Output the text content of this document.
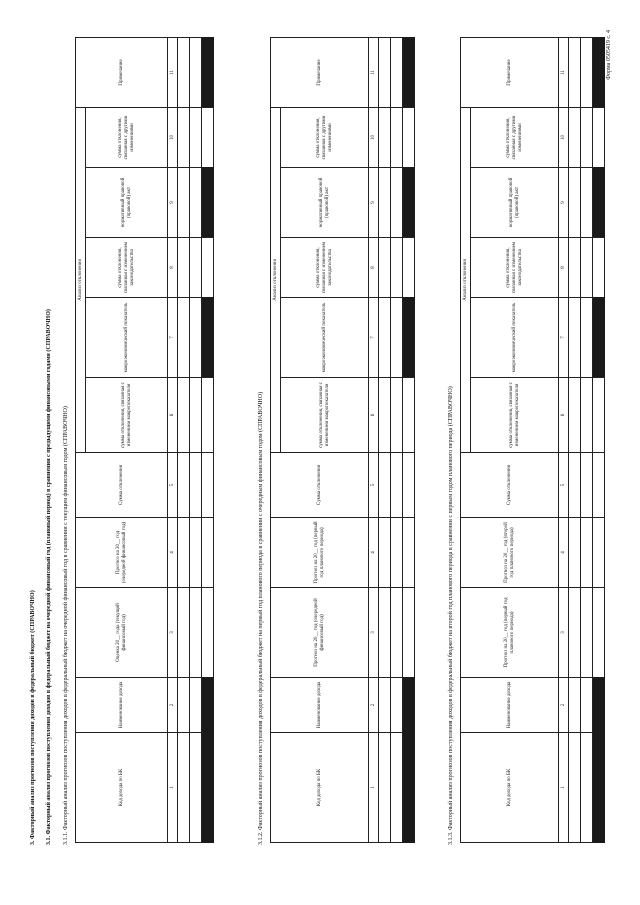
Форма 0505419 с. 4
3. Факторный анализ прогнозов поступления доходов в федеральный бюджет (СПРАВОЧНО) 3.1. Факторный анализ прогнозов поступления доходов в федеральный бюджет на очередной финансовый год (плановый период) в сравнении с предыдущими финансовыми годами (СПРАВОЧНО) 3.1.1. Факторный анализ прогнозов поступления доходов в федеральный бюджет на очередной финансовый год в сравнении с текущим финансовым годом (СПРАВОЧНО)	Код дохода по БК	Наименование дохода	Оценка 20__ года (текущий финансовый год)	Прогноз на 20__ год (очередной финансовый год)	Сумма отклонения	Анализ отклонения					Примечание
					сумма отклонения, связанная с изменением макропоказателя	макроэкономический показатель	сумма отклонения, связанная с изменением законодательства	нормативный правовой (правовой) акт	сумма отклонения, связанная с другими изменениями
1	2	3	4	5	6	7	8	9	10	11

3.1.2. Факторный анализ прогнозов поступления доходов в федеральный бюджет на первый год планового периода в сравнении с очередным финансовым годом (СПРАВОЧНО)	Код дохода по БК	Наименование дохода	Прогноз на 20__ год (очередной финансовый год)	Прогноз на 20__ год (первый год планового периода)	Сумма отклонения	Анализ отклонения					Примечание
					сумма отклонения, связанная с изменением макропоказателя	макроэкономический показатель	сумма отклонения, связанная с изменением законодательства	нормативный правовой (правовой) акт	сумма отклонения, связанная с другими изменениями
1	2	3	4	5	6	7	8	9	10	11

3.1.3. Факторный анализ прогнозов поступления доходов в федеральный бюджет на второй год планового периода в сравнении с первым годом планового периода (СПРАВОЧНО)	Код дохода по БК	Наименование дохода	Прогноз на 20__ год (первый год планового периода)	Прогноз на 20__ год (второй год планового периода)	Сумма отклонения	Анализ отклонения					Примечание
					сумма отклонения, связанная с изменением макропоказателя	макроэкономический показатель	сумма отклонения, связанная с изменением законодательства	нормативный правовой (правовой) акт	сумма отклонения, связанная с другими изменениями
1	2	3	4	5	6	7	8	9	10	11
